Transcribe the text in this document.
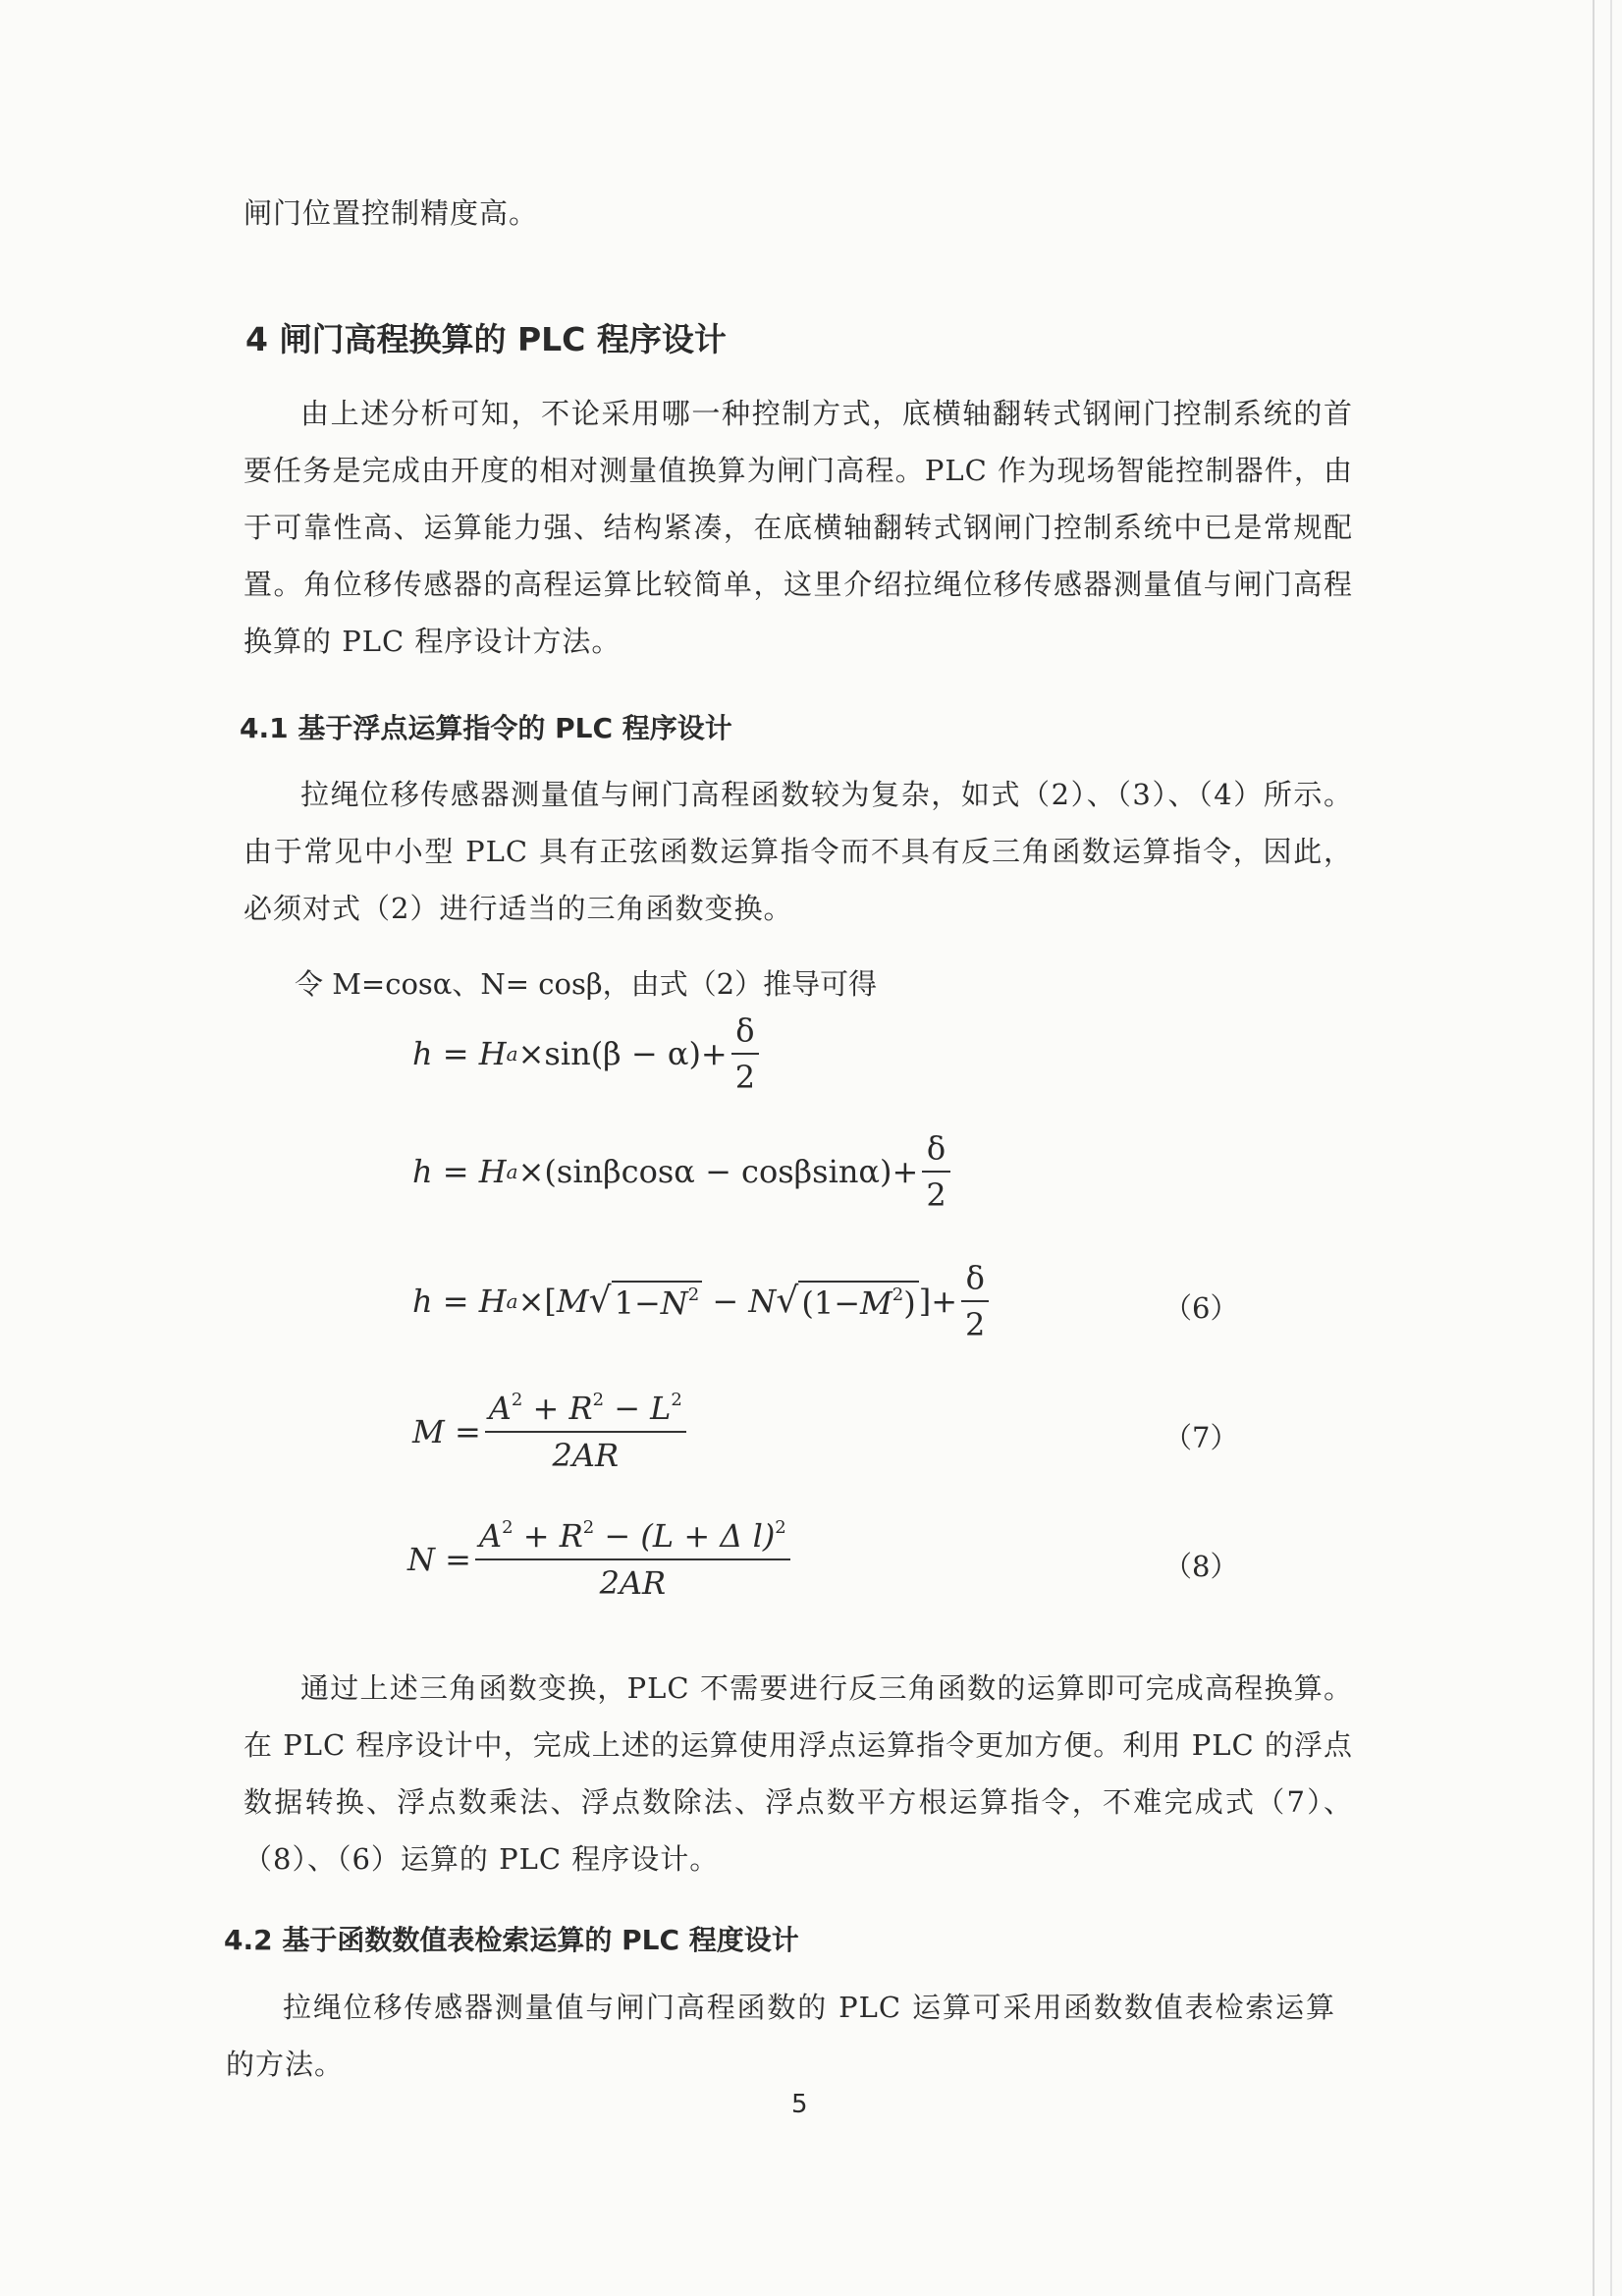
闸门位置控制精度高。
4 闸门高程换算的 PLC 程序设计
由上述分析可知，不论采用哪一种控制方式，底横轴翻转式钢闸门控制系统的首要任务是完成由开度的相对测量值换算为闸门高程。PLC 作为现场智能控制器件，由于可靠性高、运算能力强、结构紧凑，在底横轴翻转式钢闸门控制系统中已是常规配置。角位移传感器的高程运算比较简单，这里介绍拉绳位移传感器测量值与闸门高程换算的 PLC 程序设计方法。
4.1 基于浮点运算指令的 PLC 程序设计
拉绳位移传感器测量值与闸门高程函数较为复杂，如式（2）、（3）、（4）所示。由于常见中小型 PLC 具有正弦函数运算指令而不具有反三角函数运算指令，因此，必须对式（2）进行适当的三角函数变换。
令 M=cosα、N= cosβ，由式（2）推导可得
h = H $a \times\sin(\beta - \alpha)+ \frac{\delta}{2}$
h = H $a \times(\sin\beta\cos\alpha - \cos\beta\sin\alpha)+ \frac{\delta}{2}$
h = H a ×[ M √ $1-N^2 - N$ √ $(1-M^2)$ ]+ $\frac{\delta}{2}$	（6）
$M = \frac{A^2 + R^2 - L^2}{2AR}$	（7）
$N = \frac{A^2 + R^2 - (L + \Delta l)^2}{2AR}$	（8）
通过上述三角函数变换，PLC 不需要进行反三角函数的运算即可完成高程换算。在 PLC 程序设计中，完成上述的运算使用浮点运算指令更加方便。利用 PLC 的浮点数据转换、浮点数乘法、浮点数除法、浮点数平方根运算指令，不难完成式（7）、（8）、（6）运算的 PLC 程序设计。
4.2 基于函数数值表检索运算的 PLC 程度设计
拉绳位移传感器测量值与闸门高程函数的 PLC 运算可采用函数数值表检索运算的方法。
5
